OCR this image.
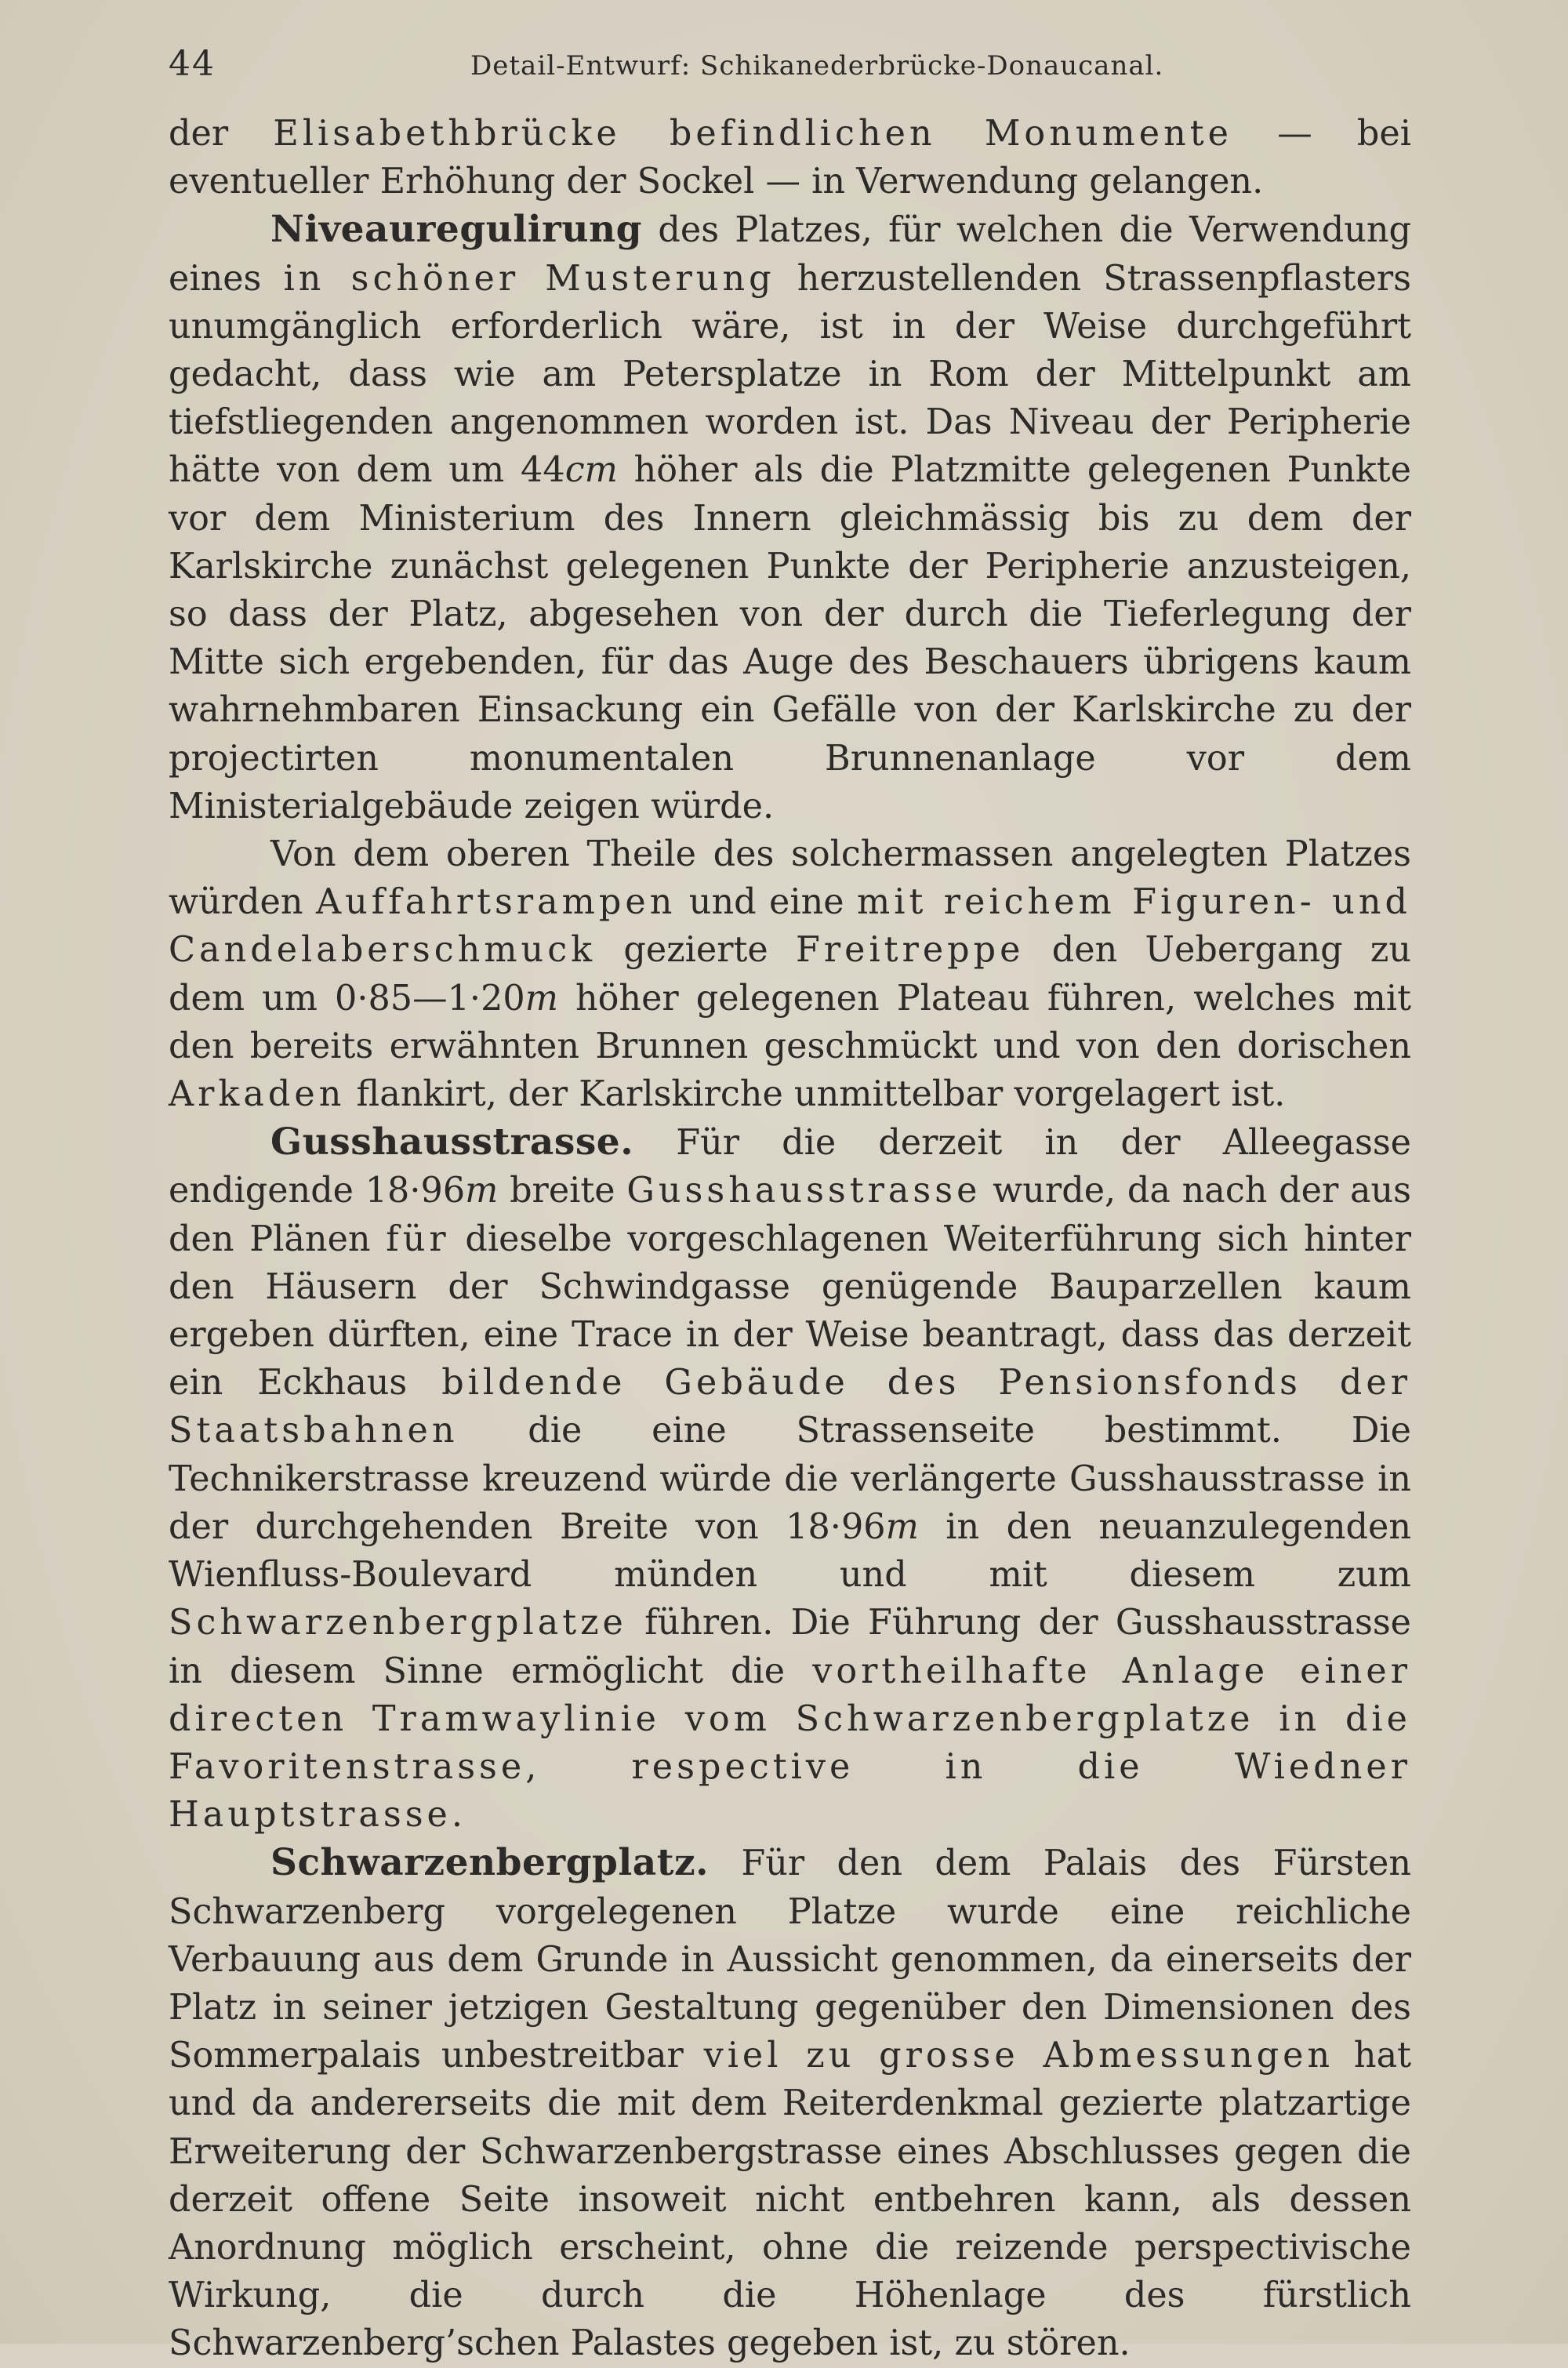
44	Detail-Entwurf: Schikanederbrücke-Donaucanal.

der Elisabethbrücke befindlichen Monumente — bei eventueller Erhöhung der Sockel — in Verwendung gelangen.

Niveauregulirung des Platzes, für welchen die Verwendung eines in schöner Musterung herzustellenden Strassenpflasters unumgänglich erforderlich wäre, ist in der Weise durchgeführt gedacht, dass wie am Petersplatze in Rom der Mittelpunkt am tiefstliegenden angenommen worden ist. Das Niveau der Peripherie hätte von dem um 44cm höher als die Platzmitte gelegenen Punkte vor dem Ministerium des Innern gleichmässig bis zu dem der Karlskirche zunächst gelegenen Punkte der Peripherie anzusteigen, so dass der Platz, abgesehen von der durch die Tieferlegung der Mitte sich ergebenden, für das Auge des Beschauers übrigens kaum wahrnehmbaren Einsackung ein Gefälle von der Karlskirche zu der projectirten monumentalen Brunnenanlage vor dem Ministerialgebäude zeigen würde.

Von dem oberen Theile des solchermassen angelegten Platzes würden Auffahrtsrampen und eine mit reichem Figuren- und Candelaberschmuck gezierte Freitreppe den Uebergang zu dem um 0·85—1·20m höher gelegenen Plateau führen, welches mit den bereits erwähnten Brunnen geschmückt und von den dorischen Arkaden flankirt, der Karlskirche unmittelbar vorgelagert ist.

Gusshausstrasse. Für die derzeit in der Alleegasse endigende 18·96m breite Gusshausstrasse wurde, da nach der aus den Plänen für dieselbe vorgeschlagenen Weiterführung sich hinter den Häusern der Schwindgasse genügende Bauparzellen kaum ergeben dürften, eine Trace in der Weise beantragt, dass das derzeit ein Eckhaus bildende Gebäude des Pensionsfonds der Staatsbahnen die eine Strassenseite bestimmt. Die Technikerstrasse kreuzend würde die verlängerte Gusshausstrasse in der durchgehenden Breite von 18·96m in den neuanzulegenden Wienfluss-Boulevard münden und mit diesem zum Schwarzenbergplatze führen. Die Führung der Gusshausstrasse in diesem Sinne ermöglicht die vortheilhafte Anlage einer directen Tramwaylinie vom Schwarzenbergplatze in die Favoritenstrasse, respective in die Wiedner Hauptstrasse.

Schwarzenbergplatz. Für den dem Palais des Fürsten Schwarzenberg vorgelegenen Platze wurde eine reichliche Verbauung aus dem Grunde in Aussicht genommen, da einerseits der Platz in seiner jetzigen Gestaltung gegenüber den Dimensionen des Sommerpalais unbestreitbar viel zu grosse Abmessungen hat und da andererseits die mit dem Reiterdenkmal gezierte platzartige Erweiterung der Schwarzenbergstrasse eines Abschlusses gegen die derzeit offene Seite insoweit nicht entbehren kann, als dessen Anordnung möglich erscheint, ohne die reizende perspectivische Wirkung, die durch die Höhenlage des fürstlich Schwarzenberg’schen Palastes gegeben ist, zu stören.
